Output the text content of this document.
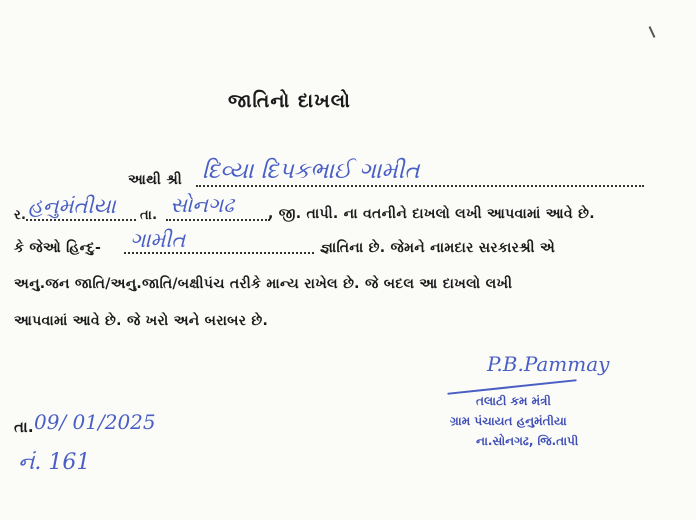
જાતિનો દાખલો
આથી શ્રી દિવ્યા દિપકભાઈ ગામીત
ર. હનુમંતીયા તા. સોનગઢ , જી. તાપી. ના વતનીને દાખલો લખી આપવામાં આવે છે.
કે જેઓ હિન્દુ- ગામીત	જ્ઞાતિના છે. જેમને નામદાર સરકારશ્રી એ
અનુ.જન જાતિ/અનુ.જાતિ/બક્ષીપંચ તરીકે માન્ય રાખેલ છે. જે બદલ આ દાખલો લખી
આપવામાં આવે છે. જે ખરો અને બરાબર છે.
તા. 09/ 01/2025
નં. 161
P.B.Pammay
તલાટી કમ મંત્રી
ગ્રામ પંચાયત હનુમંતીયા
ના.સોનગઢ, જિ.તાપી
